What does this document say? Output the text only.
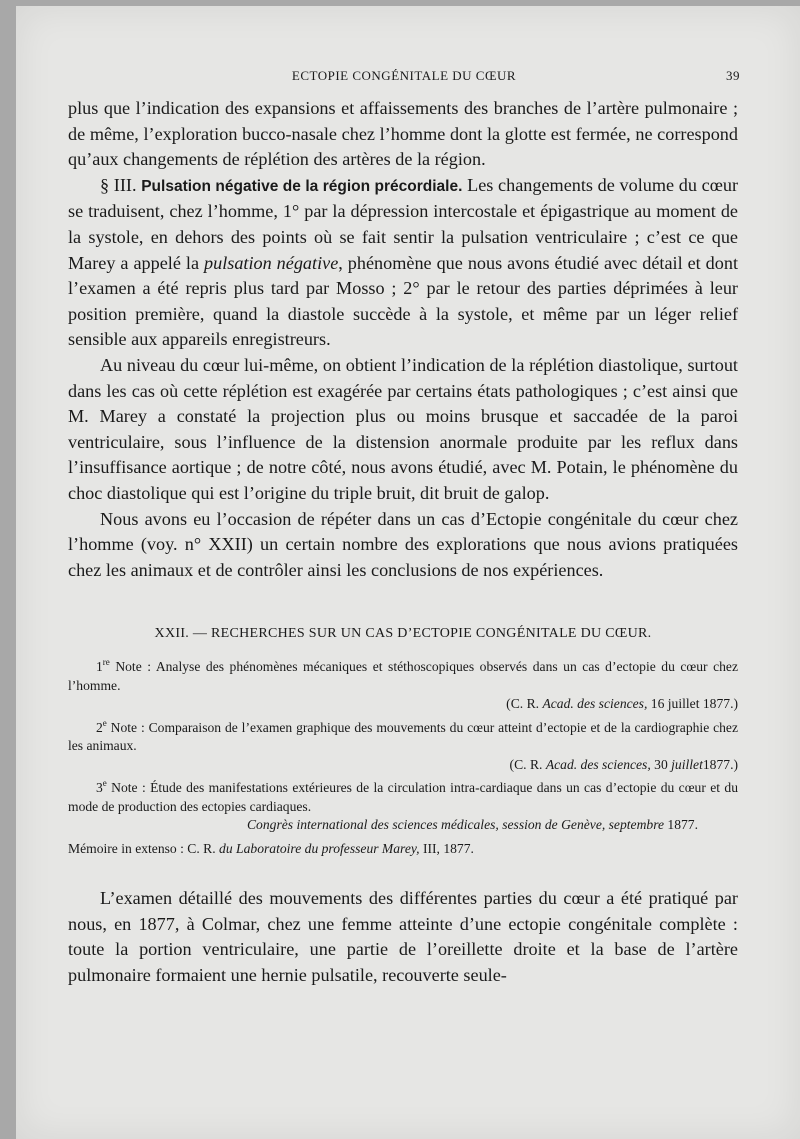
ECTOPIE CONGÉNITALE DU CŒUR	39

plus que l’indication des expansions et affaissements des branches de l’artère pulmonaire ; de même, l’exploration bucco-nasale chez l’homme dont la glotte est fermée, ne correspond qu’aux changements de réplétion des artères de la région.

§ III. Pulsation négative de la région précordiale. Les changements de volume du cœur se traduisent, chez l’homme, 1° par la dépression intercostale et épigastrique au moment de la systole, en dehors des points où se fait sentir la pulsation ventriculaire ; c’est ce que Marey a appelé la pulsation négative, phénomène que nous avons étudié avec détail et dont l’examen a été repris plus tard par Mosso ; 2° par le retour des parties déprimées à leur position première, quand la diastole succède à la systole, et même par un léger relief sensible aux appareils enregistreurs.

Au niveau du cœur lui-même, on obtient l’indication de la réplétion diastolique, surtout dans les cas où cette réplétion est exagérée par certains états pathologiques ; c’est ainsi que M. Marey a constaté la projection plus ou moins brusque et saccadée de la paroi ventriculaire, sous l’influence de la distension anormale produite par les reflux dans l’insuffisance aortique ; de notre côté, nous avons étudié, avec M. Potain, le phénomène du choc diastolique qui est l’origine du triple bruit, dit bruit de galop.

Nous avons eu l’occasion de répéter dans un cas d’Ectopie congénitale du cœur chez l’homme (voy. n° XXII) un certain nombre des explorations que nous avions pratiquées chez les animaux et de contrôler ainsi les conclusions de nos expériences.

XXII. — RECHERCHES SUR UN CAS D’ECTOPIE CONGÉNITALE DU CŒUR.

1re Note : Analyse des phénomènes mécaniques et stéthoscopiques observés dans un cas d’ectopie du cœur chez l’homme.

(C. R. Acad. des sciences, 16 juillet 1877.)

2e Note : Comparaison de l’examen graphique des mouvements du cœur atteint d’ectopie et de la cardiographie chez les animaux.

(C. R. Acad. des sciences, 30 juillet1877.)

3e Note : Étude des manifestations extérieures de la circulation intra-cardiaque dans un cas d’ectopie du cœur et du mode de production des ectopies cardiaques.

Congrès international des sciences médicales, session de Genève, septembre 1877.
Mémoire in extenso : C. R. du Laboratoire du professeur Marey, III, 1877.

L’examen détaillé des mouvements des différentes parties du cœur a été pratiqué par nous, en 1877, à Colmar, chez une femme atteinte d’une ectopie congénitale complète : toute la portion ventriculaire, une partie de l’oreillette droite et la base de l’artère pulmonaire formaient une hernie pulsatile, recouverte seule-
